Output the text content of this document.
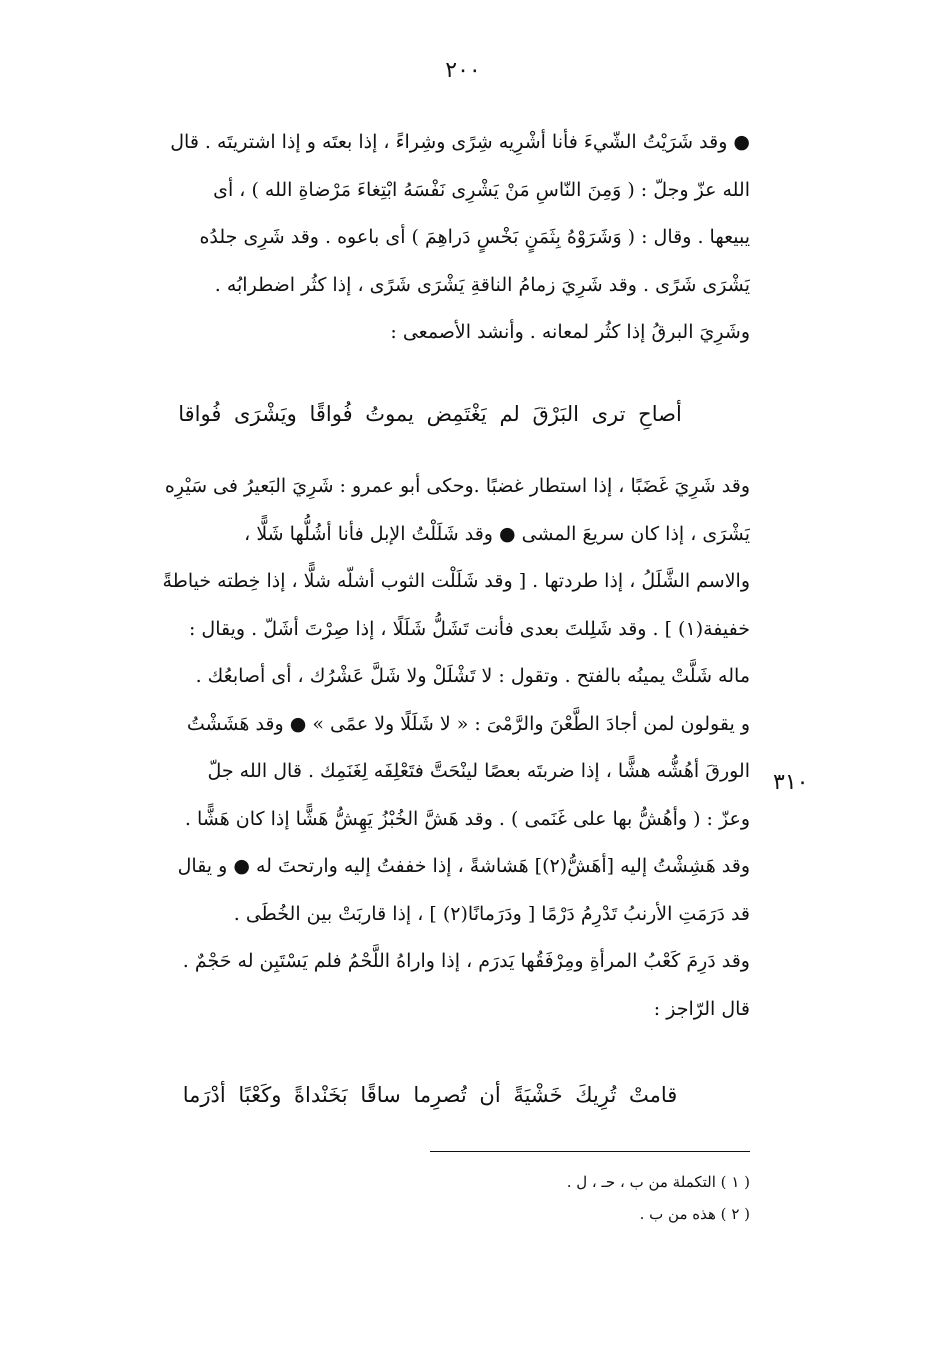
٢٠٠
● وقد شَرَيْتُ الشّيءَ فأنا أشْرِيه شِرًى وشِراءً ، إذا بعتَه و إذا اشتريتَه . قال
الله عزّ وجلّ : ( وَمِنَ النّاسِ مَنْ يَشْرِى نَفْسَهُ ابْتِغاءَ مَرْضاةِ الله ) ، أى
يبيعها . وقال : ( وَشَرَوْهُ بِثَمَنٍ بَخْسٍ دَراهِمَ ) أى باعوه . وقد شَرِى جلدُه
يَشْرَى شَرًى . وقد شَرِيَ زمامُ الناقةِ يَشْرَى شَرًى ، إذا كثُر اضطرابُه .
وشَرِيَ البرقُ إذا كثُر لمعانه . وأنشد الأصمعى :
أصاحِ ترى البَرْقَ لم يَغْتَمِض يموتُ فُواقًا ويَشْرَى فُواقا
وقد شَرِيَ غَضَبًا ، إذا استطار غضبًا .وحكى أبو عمرو : شَرِيَ البَعيرُ فى سَيْرِه
يَشْرَى ، إذا كان سريعَ المشى ● وقد شَلَلْتُ الإبل فأنا أشُلُّها شَلًّا ،
والاسم الشَّلَلُ ، إذا طردتها . [ وقد شَلَلْت الثوب أشلّه شلًّا ، إذا خِطته خياطةً
خفيفة(١) ] . وقد شَلِلتَ بعدى فأنت تَشَلُّ شَلَلًا ، إذا صِرْتَ أشَلّ . ويقال :
ماله شَلَّتْ يمينُه بالفتح . وتقول : لا تَشْلَلْ ولا شَلَّ عَشْرُك ، أى أصابعُك .
و يقولون لمن أجادَ الطَّعْنَ والرَّمْىَ : « لا شَلَلًا ولا عمًى » ● وقد هَشَشْتُ
الورقَ أهُشُّه هشًّا ، إذا ضربتَه بعصًا لينْحَتَّ فتَعْلِفَه لِغَنَمِك . قال الله جلّ
وعزّ : ( وأهُشُّ بها على غَنَمى ) . وقد هَشَّ الخُبْزُ يَهِشُّ هَشًّا إذا كان هَشًّا .
وقد هَشِشْتُ إليه [أهَشُّ(٢)] هَشاشةً ، إذا خففتُ إليه وارتحتَ له ● و يقال
قد دَرَمَتِ الأرنبُ تَدْرِمُ دَرْمًا [ ودَرَمانًا(٢) ] ، إذا قاربَتْ بين الخُطَى .
وقد دَرِمَ كَعْبُ المرأةِ ومِرْفَقُها يَدرَم ، إذا واراهُ اللَّحْمُ فلم يَسْتَبِن له حَجْمٌ .
قال الرّاجز :
٣١٠
قامتْ تُرِيكَ خَشْيَةً أن تُصرِما ساقًا بَخَنْداةً وكَعْبًا أدْرَما
( ١ ) التكملة من ب ، حـ ، ل .
( ٢ ) هذه من ب .
